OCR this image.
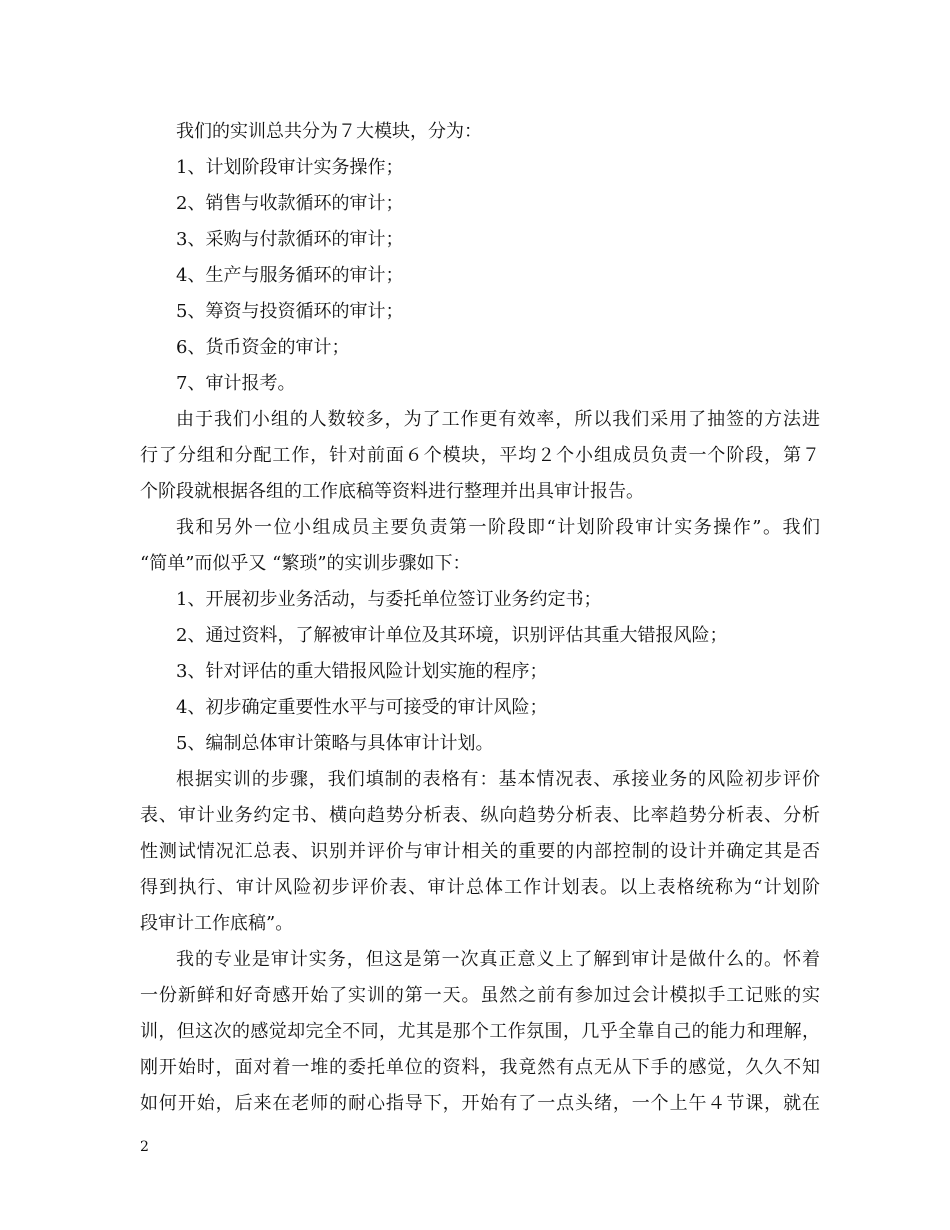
我们的实训总共分为７大模块，分为：
1、计划阶段审计实务操作；
2、销售与收款循环的审计；
3、采购与付款循环的审计；
4、生产与服务循环的审计；
5、筹资与投资循环的审计；
6、货币资金的审计；
7、审计报考。
由于我们小组的人数较多，为了工作更有效率，所以我们采用了抽签的方法进
行了分组和分配工作，针对前面６个模块，平均２个小组成员负责一个阶段，第７
个阶段就根据各组的工作底稿等资料进行整理并出具审计报告。
我和另外一位小组成员主要负责第一阶段即“计划阶段审计实务操作”。我们
“简单”而似乎又 “繁琐”的实训步骤如下：
1、开展初步业务活动，与委托单位签订业务约定书；
2、通过资料，了解被审计单位及其环境，识别评估其重大错报风险；
3、针对评估的重大错报风险计划实施的程序；
4、初步确定重要性水平与可接受的审计风险；
5、编制总体审计策略与具体审计计划。
根据实训的步骤，我们填制的表格有：基本情况表、承接业务的风险初步评价
表、审计业务约定书、横向趋势分析表、纵向趋势分析表、比率趋势分析表、分析
性测试情况汇总表、识别并评价与审计相关的重要的内部控制的设计并确定其是否
得到执行、审计风险初步评价表、审计总体工作计划表。以上表格统称为“计划阶
段审计工作底稿”。
我的专业是审计实务，但这是第一次真正意义上了解到审计是做什么的。怀着
一份新鲜和好奇感开始了实训的第一天。虽然之前有参加过会计模拟手工记账的实
训，但这次的感觉却完全不同，尤其是那个工作氛围，几乎全靠自己的能力和理解，
刚开始时，面对着一堆的委托单位的资料，我竟然有点无从下手的感觉，久久不知
如何开始，后来在老师的耐心指导下，开始有了一点头绪，一个上午４节课，就在
2
